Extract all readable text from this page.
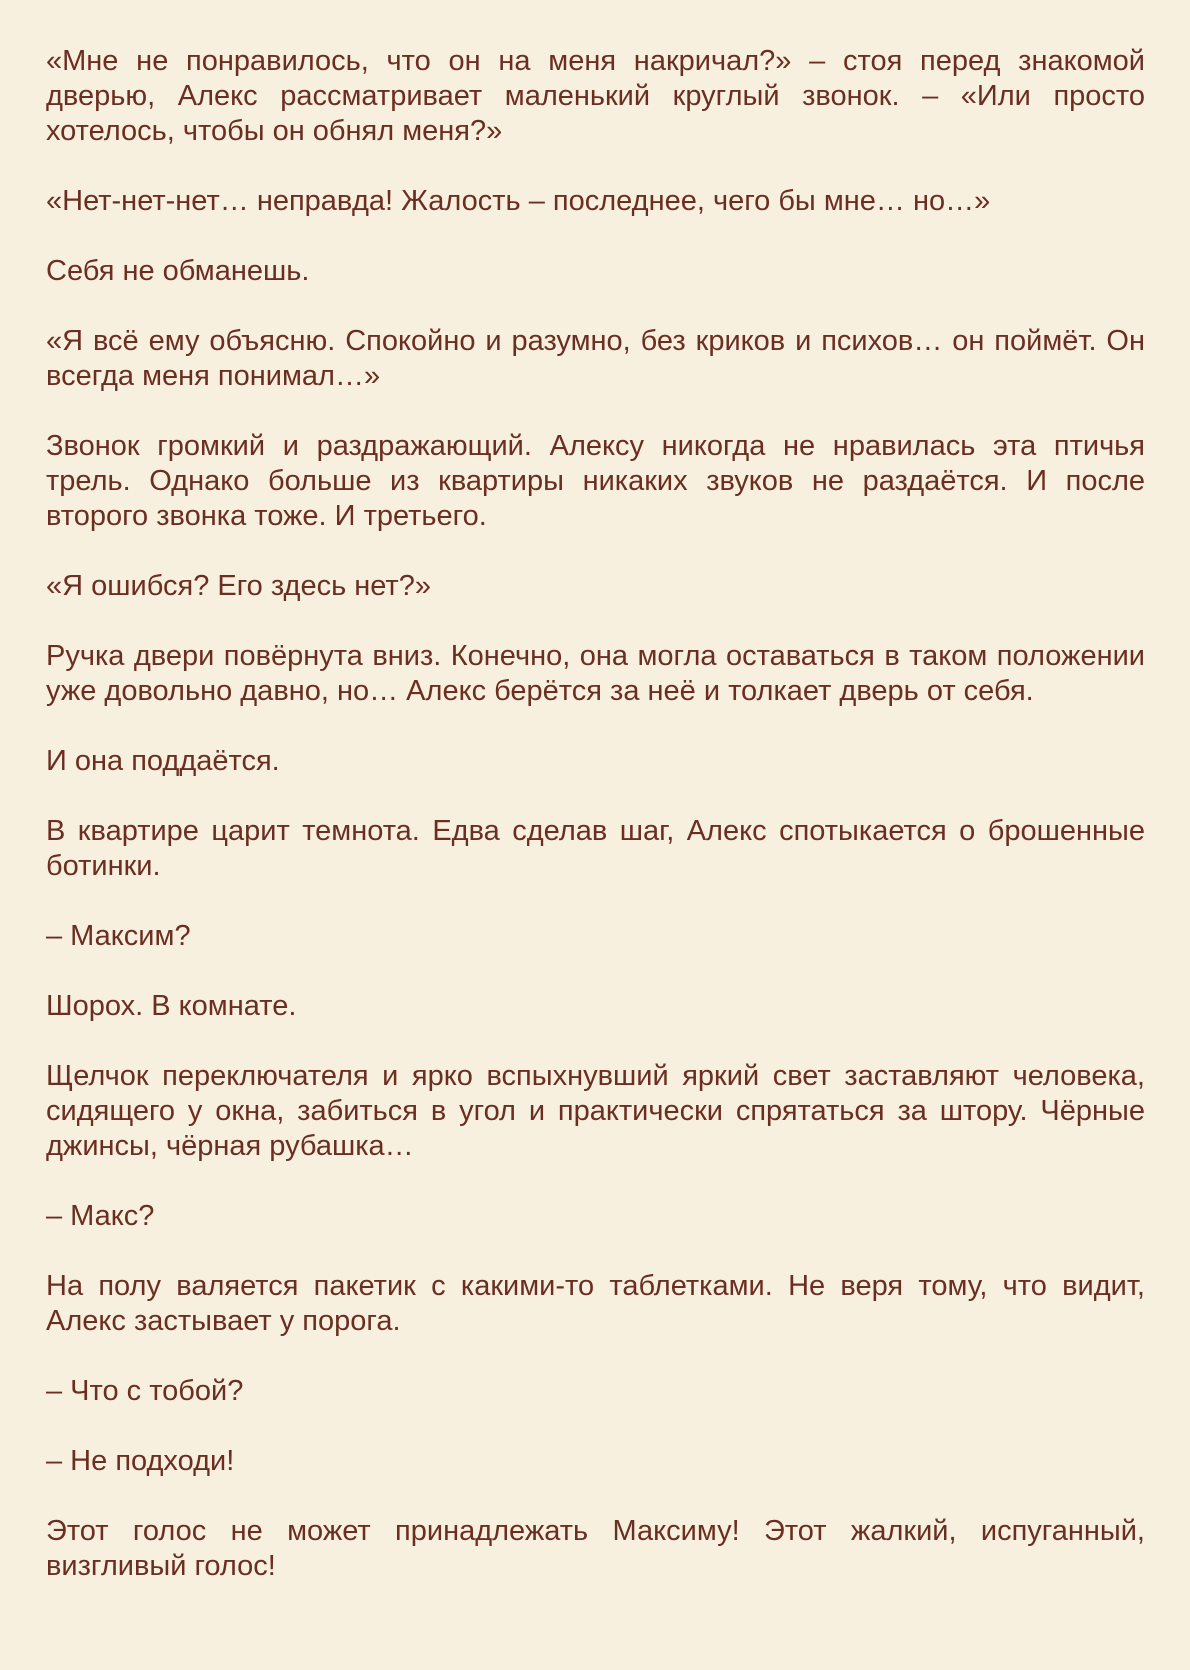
«Мне не понравилось, что он на меня накричал?» – стоя перед знакомой дверью, Алекс рассматривает маленький круглый звонок. – «Или просто хотелось, чтобы он обнял меня?»

«Нет-нет-нет… неправда! Жалость – последнее, чего бы мне… но…»

Себя не обманешь.

«Я всё ему объясню. Спокойно и разумно, без криков и психов… он поймёт. Он всегда меня понимал…»

Звонок громкий и раздражающий. Алексу никогда не нравилась эта птичья трель. Однако больше из квартиры никаких звуков не раздаётся. И после второго звонка тоже. И третьего.

«Я ошибся? Его здесь нет?»

Ручка двери повёрнута вниз. Конечно, она могла оставаться в таком положении уже довольно давно, но… Алекс берётся за неё и толкает дверь от себя.

И она поддаётся.

В квартире царит темнота. Едва сделав шаг, Алекс спотыкается о брошенные ботинки.

– Максим?

Шорох. В комнате.

Щелчок переключателя и ярко вспыхнувший яркий свет заставляют человека, сидящего у окна, забиться в угол и практически спрятаться за штору. Чёрные джинсы, чёрная рубашка…

– Макс?

На полу валяется пакетик с какими-то таблетками. Не веря тому, что видит, Алекс застывает у порога.

– Что с тобой?

– Не подходи!

Этот голос не может принадлежать Максиму! Этот жалкий, испуганный, визгливый голос!
